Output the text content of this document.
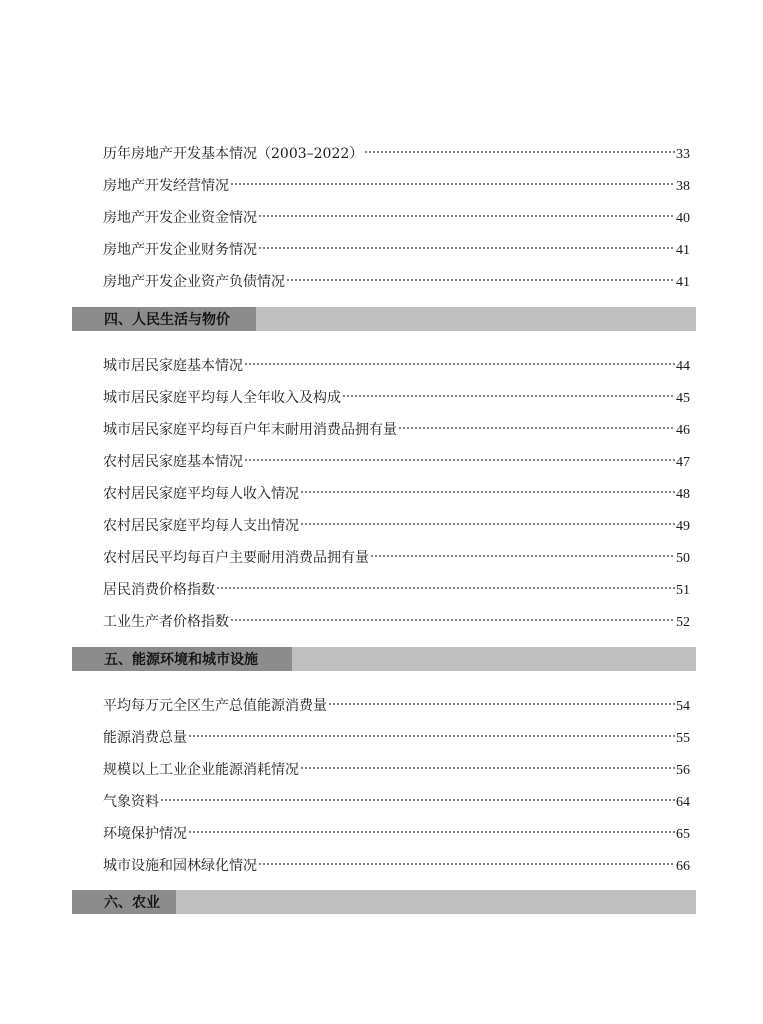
历年房地产开发基本情况（2003–2022）	33
房地产开发经营情况	38
房地产开发企业资金情况	40
房地产开发企业财务情况	41
房地产开发企业资产负债情况	41
四、人民生活与物价
城市居民家庭基本情况	44
城市居民家庭平均每人全年收入及构成	45
城市居民家庭平均每百户年末耐用消费品拥有量	46
农村居民家庭基本情况	47
农村居民家庭平均每人收入情况	48
农村居民家庭平均每人支出情况	49
农村居民平均每百户主要耐用消费品拥有量	50
居民消费价格指数	51
工业生产者价格指数	52
五、能源环境和城市设施
平均每万元全区生产总值能源消费量	54
能源消费总量	55
规模以上工业企业能源消耗情况	56
气象资料	64
环境保护情况	65
城市设施和园林绿化情况	66
六、农业
